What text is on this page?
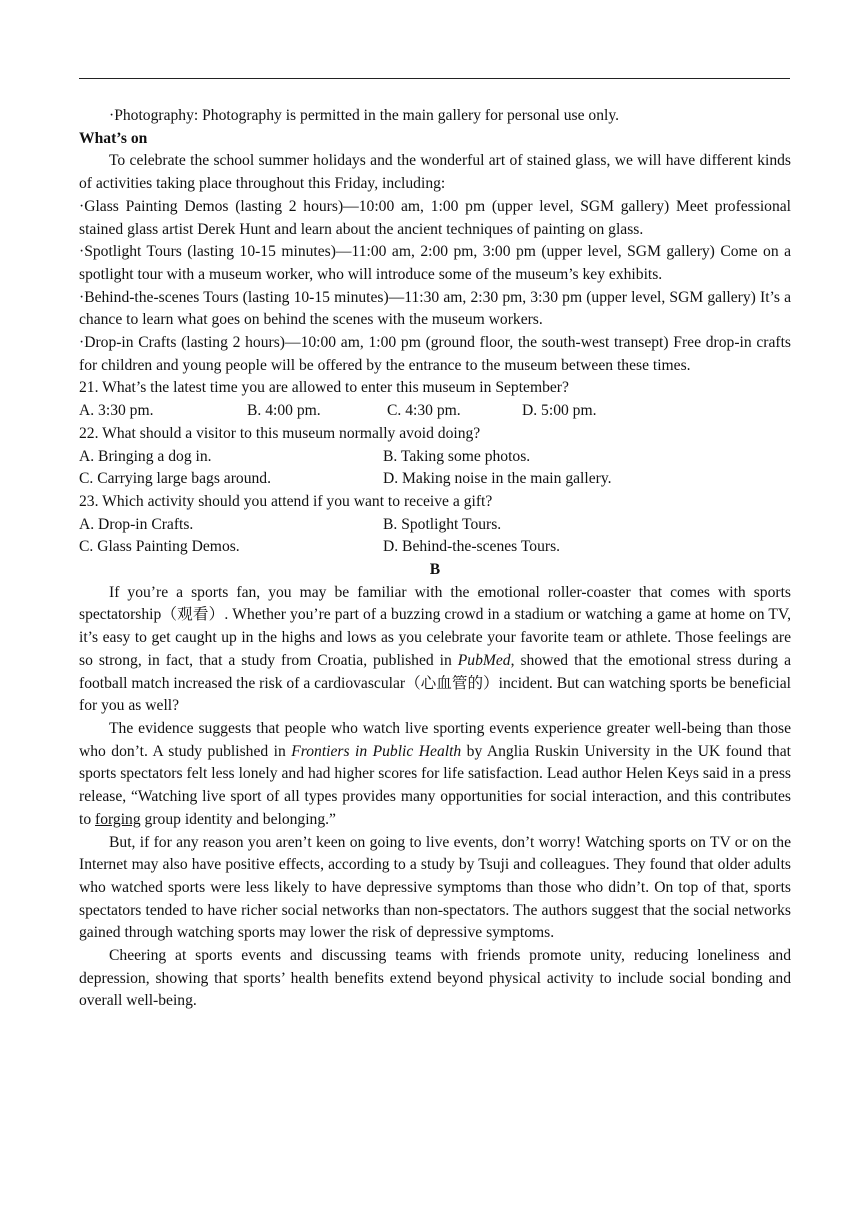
·Photography: Photography is permitted in the main gallery for personal use only.

What’s on

To celebrate the school summer holidays and the wonderful art of stained glass, we will have different kinds of activities taking place throughout this Friday, including:

·Glass Painting Demos (lasting 2 hours)—10:00 am, 1:00 pm (upper level, SGM gallery) Meet professional stained glass artist Derek Hunt and learn about the ancient techniques of painting on glass.

·Spotlight Tours (lasting 10-15 minutes)—11:00 am, 2:00 pm, 3:00 pm (upper level, SGM gallery) Come on a spotlight tour with a museum worker, who will introduce some of the museum’s key exhibits.

·Behind-the-scenes Tours (lasting 10-15 minutes)—11:30 am, 2:30 pm, 3:30 pm (upper level, SGM gallery) It’s a chance to learn what goes on behind the scenes with the museum workers.

·Drop-in Crafts (lasting 2 hours)—10:00 am, 1:00 pm (ground floor, the south-west transept) Free drop-in crafts for children and young people will be offered by the entrance to the museum between these times.

21. What’s the latest time you are allowed to enter this museum in September?

A. 3:30 pm.	B. 4:00 pm.	C. 4:30 pm.	D. 5:00 pm.

22. What should a visitor to this museum normally avoid doing?

A. Bringing a dog in.	B. Taking some photos.
C. Carrying large bags around.	D. Making noise in the main gallery.

23. Which activity should you attend if you want to receive a gift?

A. Drop-in Crafts.	B. Spotlight Tours.
C. Glass Painting Demos.	D. Behind-the-scenes Tours.

B

If you’re a sports fan, you may be familiar with the emotional roller-coaster that comes with sports spectatorship（观看）. Whether you’re part of a buzzing crowd in a stadium or watching a game at home on TV, it’s easy to get caught up in the highs and lows as you celebrate your favorite team or athlete. Those feelings are so strong, in fact, that a study from Croatia, published in PubMed, showed that the emotional stress during a football match increased the risk of a cardiovascular（心血管的）incident. But can watching sports be beneficial for you as well?

The evidence suggests that people who watch live sporting events experience greater well-being than those who don’t. A study published in Frontiers in Public Health by Anglia Ruskin University in the UK found that sports spectators felt less lonely and had higher scores for life satisfaction. Lead author Helen Keys said in a press release, “Watching live sport of all types provides many opportunities for social interaction, and this contributes to forging group identity and belonging.”

But, if for any reason you aren’t keen on going to live events, don’t worry! Watching sports on TV or on the Internet may also have positive effects, according to a study by Tsuji and colleagues. They found that older adults who watched sports were less likely to have depressive symptoms than those who didn’t. On top of that, sports spectators tended to have richer social networks than non-spectators. The authors suggest that the social networks gained through watching sports may lower the risk of depressive symptoms.

Cheering at sports events and discussing teams with friends promote unity, reducing loneliness and depression, showing that sports’ health benefits extend beyond physical activity to include social bonding and overall well-being.
